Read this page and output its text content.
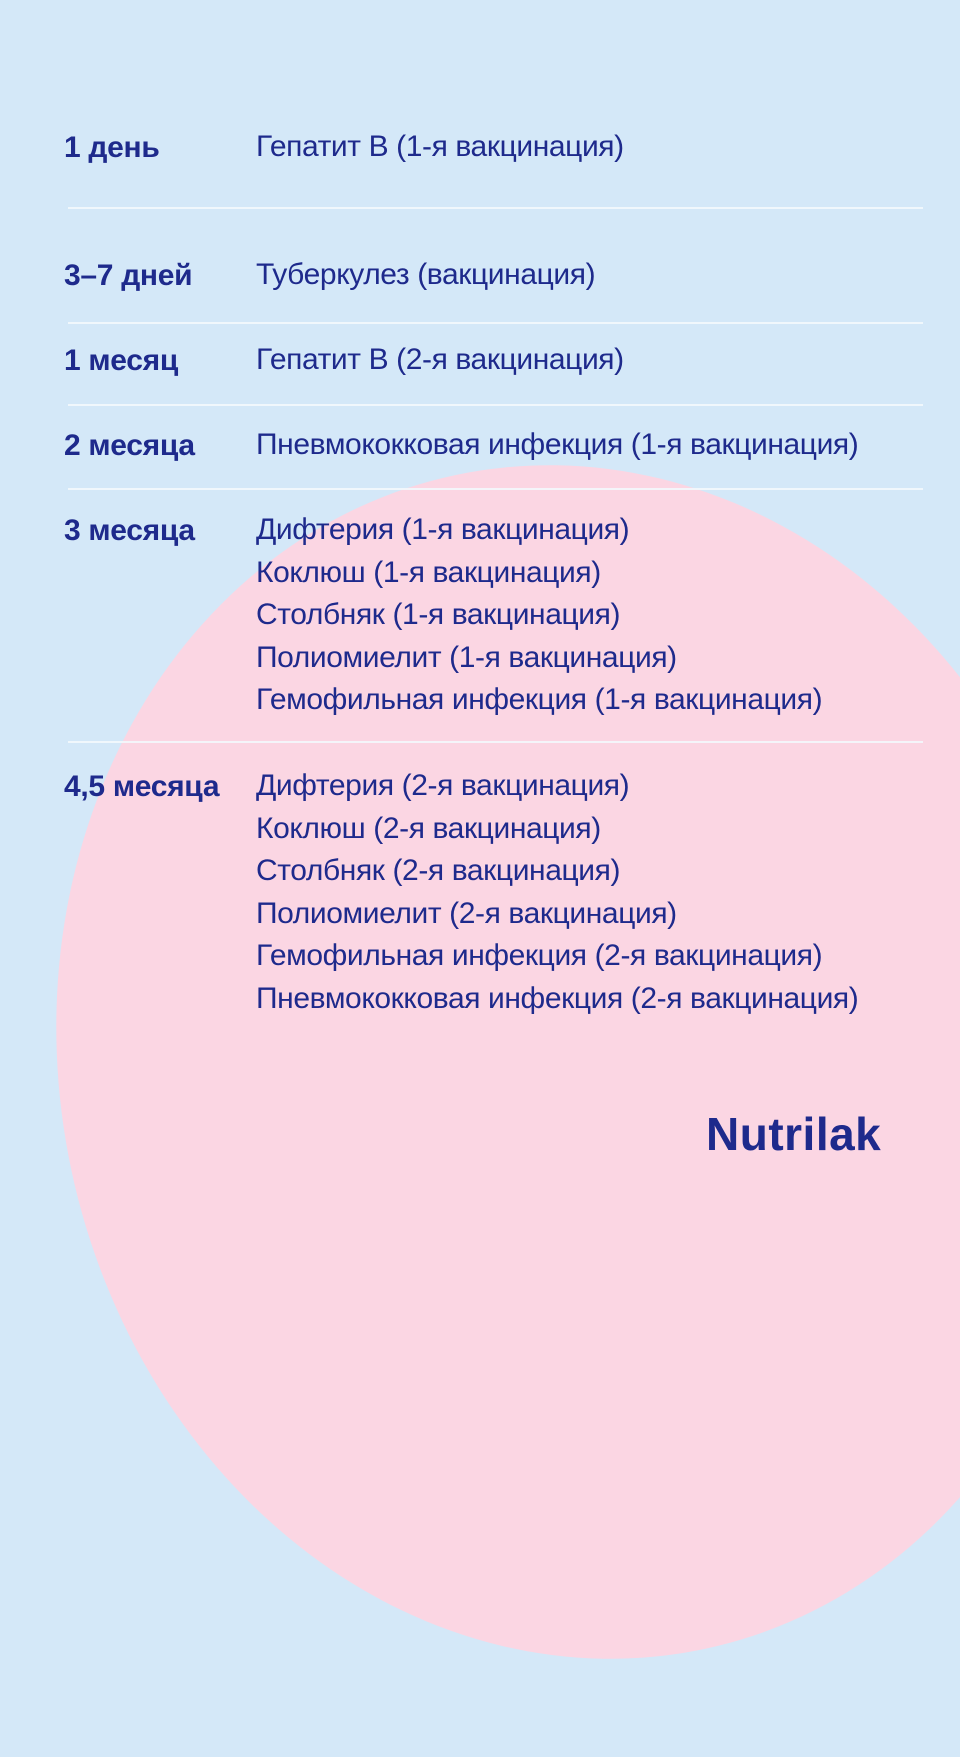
1 день	Гепатит В (1-я вакцинация)
3–7 дней Туберкулез (вакцинация)
1 месяц	Гепатит В (2-я вакцинация)
2 месяца Пневмококковая инфекция (1-я вакцинация)
3 месяца Дифтерия (1-я вакцинация)
Коклюш (1-я вакцинация)
Столбняк (1-я вакцинация)
Полиомиелит (1-я вакцинация)
Гемофильная инфекция (1-я вакцинация)
4,5 месяца Дифтерия (2-я вакцинация)
Коклюш (2-я вакцинация)
Столбняк (2-я вакцинация)
Полиомиелит (2-я вакцинация)
Гемофильная инфекция (2-я вакцинация)
Пневмококковая инфекция (2-я вакцинация)
Nutrilak
